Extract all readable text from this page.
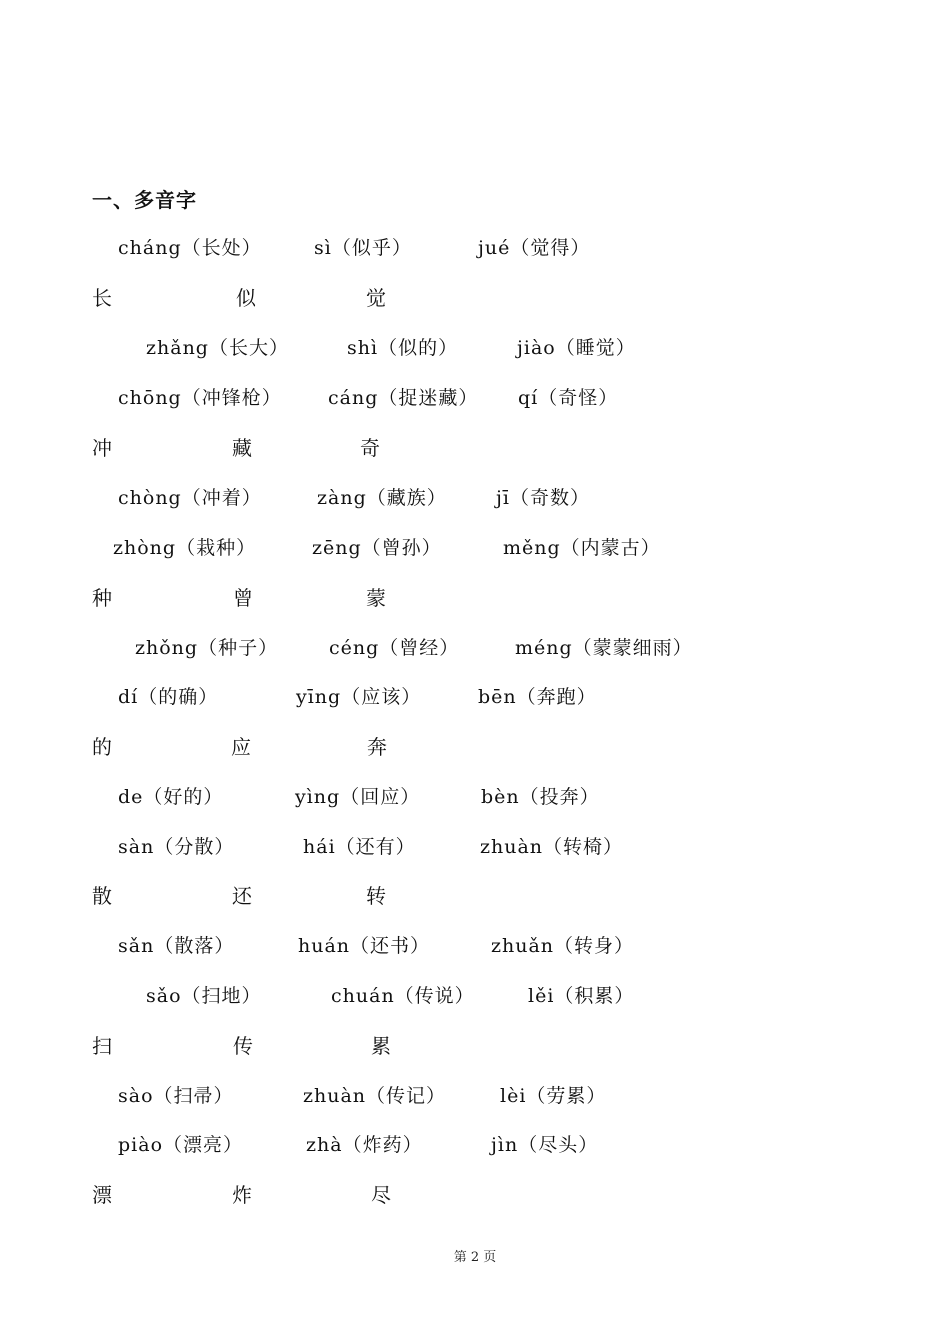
一、多音字
cháng（长处）	sì（似乎）	jué（觉得）
长	似	觉
zhǎng（长大）	shì（似的）	jiào（睡觉）
chōng（冲锋枪） cáng（捉迷藏） qí（奇怪）
冲	藏	奇
chòng（冲着）	zàng（藏族）	jī（奇数）
zhòng（栽种）	zēng（曾孙）	měng（内蒙古）
种	曾	蒙
zhǒng（种子）	céng（曾经）	méng（蒙蒙细雨）
dí（的确）	yīng（应该）	bēn（奔跑）
的	应	奔
de（好的）	yìng（回应）	bèn（投奔）
sàn（分散）	hái（还有）	zhuàn（转椅）
散	还	转
sǎn（散落）	huán（还书）	zhuǎn（转身）
sǎo（扫地）	chuán（传说）	lěi（积累）
扫	传	累
sào（扫帚）	zhuàn（传记）	lèi（劳累）
piào（漂亮）	zhà（炸药）	jìn（尽头）
漂	炸	尽
第 2 页
